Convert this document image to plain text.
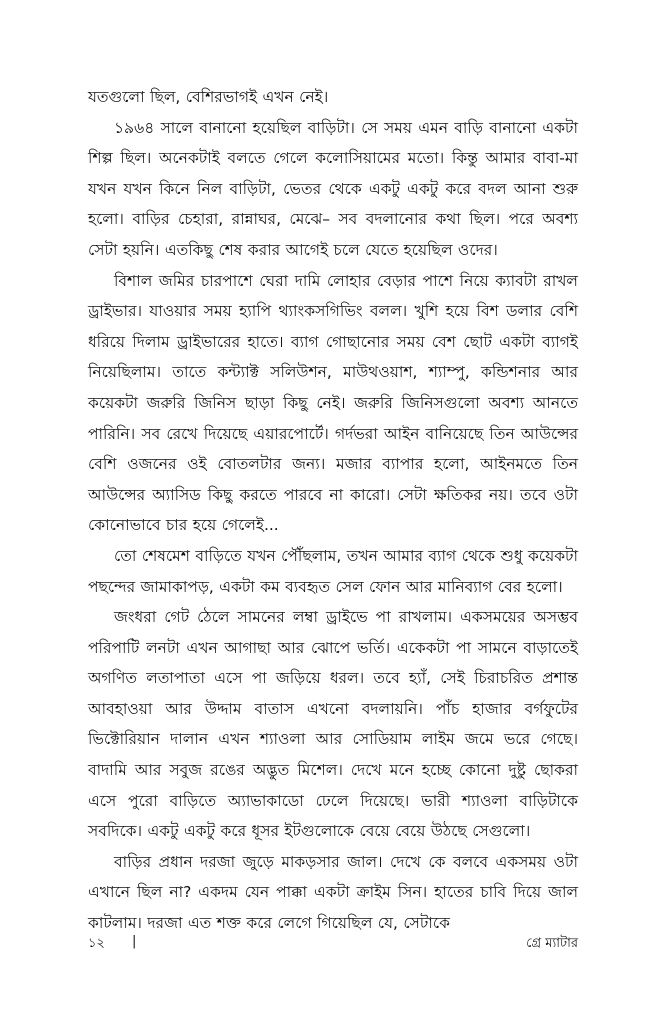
যতগুলো ছিল, বেশিরভাগই এখন নেই।

১৯৬৪ সালে বানানো হয়েছিল বাড়িটা। সে সময় এমন বাড়ি বানানো একটা শিল্প ছিল। অনেকটাই বলতে গেলে কলোসিয়ামের মতো। কিন্তু আমার বাবা-মা যখন যখন কিনে নিল বাড়িটা, ভেতর থেকে একটু একটু করে বদল আনা শুরু হলো। বাড়ির চেহারা, রান্নাঘর, মেঝে– সব বদলানোর কথা ছিল। পরে অবশ্য সেটা হয়নি। এতকিছু শেষ করার আগেই চলে যেতে হয়েছিল ওদের।

বিশাল জমির চারপাশে ঘেরা দামি লোহার বেড়ার পাশে নিয়ে ক্যাবটা রাখল ড্রাইভার। যাওয়ার সময় হ্যাপি থ্যাংকসগিভিং বলল। খুশি হয়ে বিশ ডলার বেশি ধরিয়ে দিলাম ড্রাইভারের হাতে। ব্যাগ গোছানোর সময় বেশ ছোট একটা ব্যাগই নিয়েছিলাম। তাতে কন্ট্যাক্ট সলিউশন, মাউথওয়াশ, শ্যাম্পু, কন্ডিশনার আর কয়েকটা জরুরি জিনিস ছাড়া কিছু নেই। জরুরি জিনিসগুলো অবশ্য আনতে পারিনি। সব রেখে দিয়েছে এয়ারপোর্টে। গর্দভরা আইন বানিয়েছে তিন আউন্সের বেশি ওজনের ওই বোতলটার জন্য। মজার ব্যাপার হলো, আইনমতে তিন আউন্সের অ্যাসিড কিছু করতে পারবে না কারো। সেটা ক্ষতিকর নয়। তবে ওটা কোনোভাবে চার হয়ে গেলেই...

তো শেষমেশ বাড়িতে যখন পৌঁছলাম, তখন আমার ব্যাগ থেকে শুধু কয়েকটা পছন্দের জামাকাপড়, একটা কম ব্যবহৃত সেল ফোন আর মানিব্যাগ বের হলো।

জংধরা গেট ঠেলে সামনের লম্বা ড্রাইভে পা রাখলাম। একসময়ের অসম্ভব পরিপাটি লনটা এখন আগাছা আর ঝোপে ভর্তি। একেকটা পা সামনে বাড়াতেই অগণিত লতাপাতা এসে পা জড়িয়ে ধরল। তবে হ্যাঁ, সেই চিরাচরিত প্রশান্ত আবহাওয়া আর উদ্দাম বাতাস এখনো বদলায়নি। পাঁচ হাজার বর্গফুটের ভিক্টোরিয়ান দালান এখন শ্যাওলা আর সোডিয়াম লাইম জমে ভরে গেছে। বাদামি আর সবুজ রঙের অদ্ভুত মিশেল। দেখে মনে হচ্ছে কোনো দুষ্টু ছোকরা এসে পুরো বাড়িতে অ্যাভাকাডো ঢেলে দিয়েছে। ভারী শ্যাওলা বাড়িটাকে সবদিকে। একটু একটু করে ধূসর ইটগুলোকে বেয়ে বেয়ে উঠছে সেগুলো।

বাড়ির প্রধান দরজা জুড়ে মাকড়সার জাল। দেখে কে বলবে একসময় ওটা এখানে ছিল না? একদম যেন পাক্কা একটা ক্রাইম সিন। হাতের চাবি দিয়ে জাল কাটলাম। দরজা এত শক্ত করে লেগে গিয়েছিল যে, সেটাকে

১২ |	গ্রে ম্যাটার
